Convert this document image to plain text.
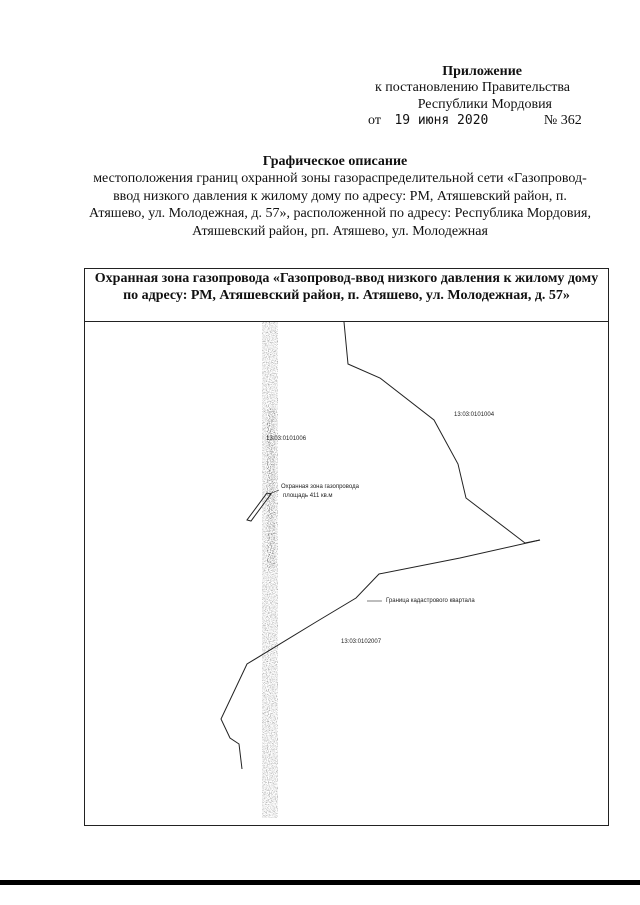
Приложение
к постановлению Правительства
Республики Мордовия
от 19 июня 2020	№ 362
Графическое описание
местоположения границ охранной зоны газораспределительной сети «Газопровод-ввод низкого давления к жилому дому по адресу: РМ, Атяшевский район, п. Атяшево, ул. Молодежная, д. 57», расположенной по адресу: Республика Мордовия, Атяшевский район, рп. Атяшево, ул. Молодежная
Охранная зона газопровода «Газопровод-ввод низкого давления к жилому дому по адресу: РМ, Атяшевский район, п. Атяшево, ул. Молодежная, д. 57»
13:03:0101004
13:03:0101006
13:03:0102007
Охранная зона газопровода
площадь 411 кв.м
Граница кадастрового квартала
